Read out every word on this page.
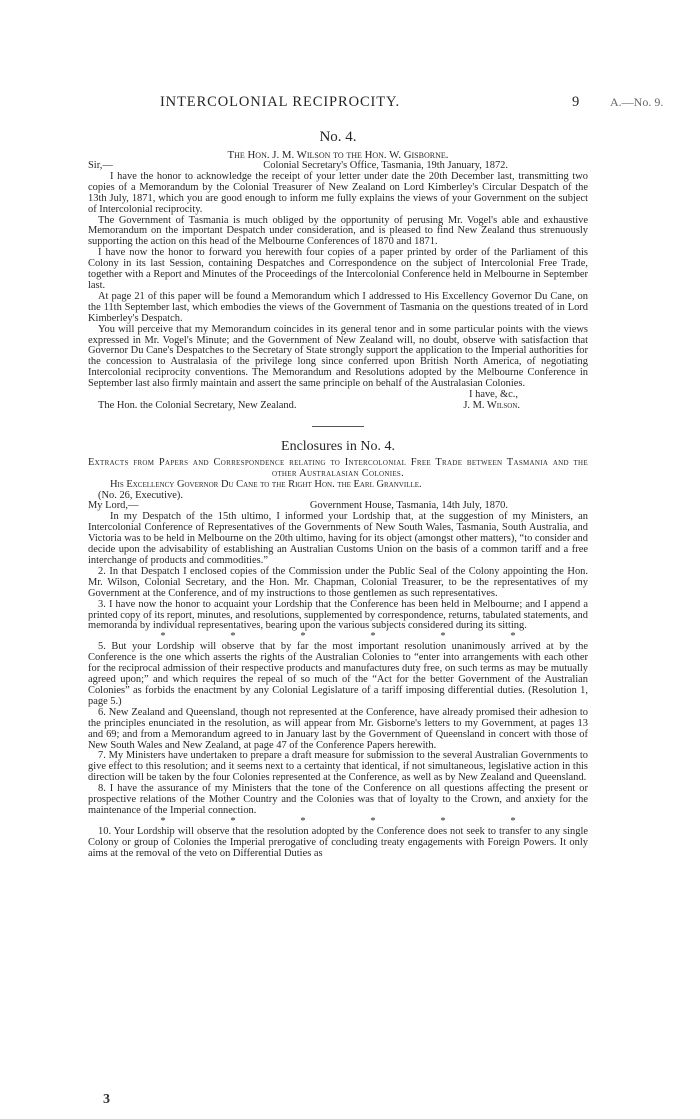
INTERCOLONIAL RECIPROCITY.	9	A.—No. 9.

No. 4.

The Hon. J. M. Wilson to the Hon. W. Gisborne.

Sir,—	Colonial Secretary's Office, Tasmania, 19th January, 1872.

I have the honor to acknowledge the receipt of your letter under date the 20th December last, transmitting two copies of a Memorandum by the Colonial Treasurer of New Zealand on Lord Kimberley's Circular Despatch of the 13th July, 1871, which you are good enough to inform me fully explains the views of your Government on the subject of Intercolonial reciprocity.

The Government of Tasmania is much obliged by the opportunity of perusing Mr. Vogel's able and exhaustive Memorandum on the important Despatch under consideration, and is pleased to find New Zealand thus strenuously supporting the action on this head of the Melbourne Conferences of 1870 and 1871.

I have now the honor to forward you herewith four copies of a paper printed by order of the Parliament of this Colony in its last Session, containing Despatches and Correspondence on the subject of Intercolonial Free Trade, together with a Report and Minutes of the Proceedings of the Intercolonial Conference held in Melbourne in September last.

At page 21 of this paper will be found a Memorandum which I addressed to His Excellency Governor Du Cane, on the 11th September last, which embodies the views of the Government of Tasmania on the questions treated of in Lord Kimberley's Despatch.

You will perceive that my Memorandum coincides in its general tenor and in some particular points with the views expressed in Mr. Vogel's Minute; and the Government of New Zealand will, no doubt, observe with satisfaction that Governor Du Cane's Despatches to the Secretary of State strongly support the application to the Imperial authorities for the concession to Australasia of the privilege long since conferred upon British North America, of negotiating Intercolonial reciprocity conventions. The Memorandum and Resolutions adopted by the Melbourne Conference in September last also firmly maintain and assert the same principle on behalf of the Australasian Colonies.

I have, &c.,

The Hon. the Colonial Secretary, New Zealand.	J. M. Wilson.

Enclosures in No. 4.

Extracts from Papers and Correspondence relating to Intercolonial Free Trade between Tasmania and the other Australasian Colonies.

His Excellency Governor Du Cane to the Right Hon. the Earl Granville.

(No. 26, Executive).

My Lord,—	Government House, Tasmania, 14th July, 1870.

In my Despatch of the 15th ultimo, I informed your Lordship that, at the suggestion of my Ministers, an Intercolonial Conference of Representatives of the Governments of New South Wales, Tasmania, South Australia, and Victoria was to be held in Melbourne on the 20th ultimo, having for its object (amongst other matters), “to consider and decide upon the advisability of establishing an Australian Customs Union on the basis of a common tariff and a free interchange of products and commodities.”

2. In that Despatch I enclosed copies of the Commission under the Public Seal of the Colony appointing the Hon. Mr. Wilson, Colonial Secretary, and the Hon. Mr. Chapman, Colonial Treasurer, to be the representatives of my Government at the Conference, and of my instructions to those gentlemen as such representatives.

3. I have now the honor to acquaint your Lordship that the Conference has been held in Melbourne; and I append a printed copy of its report, minutes, and resolutions, supplemented by correspondence, returns, tabulated statements, and memoranda by individual representatives, bearing upon the various subjects considered during its sitting.

*	*	*	*	*	*

5. But your Lordship will observe that by far the most important resolution unanimously arrived at by the Conference is the one which asserts the rights of the Australian Colonies to “enter into arrangements with each other for the reciprocal admission of their respective products and manufactures duty free, on such terms as may be mutually agreed upon;” and which requires the repeal of so much of the “Act for the better Government of the Australian Colonies” as forbids the enactment by any Colonial Legislature of a tariff imposing differential duties. (Resolution 1, page 5.)

6. New Zealand and Queensland, though not represented at the Conference, have already promised their adhesion to the principles enunciated in the resolution, as will appear from Mr. Gisborne's letters to my Government, at pages 13 and 69; and from a Memorandum agreed to in January last by the Government of Queensland in concert with those of New South Wales and New Zealand, at page 47 of the Conference Papers herewith.

7. My Ministers have undertaken to prepare a draft measure for submission to the several Australian Governments to give effect to this resolution; and it seems next to a certainty that identical, if not simultaneous, legislative action in this direction will be taken by the four Colonies represented at the Conference, as well as by New Zealand and Queensland.

8. I have the assurance of my Ministers that the tone of the Conference on all questions affecting the present or prospective relations of the Mother Country and the Colonies was that of loyalty to the Crown, and anxiety for the maintenance of the Imperial connection.

*	*	*	*	*	*

10. Your Lordship will observe that the resolution adopted by the Conference does not seek to transfer to any single Colony or group of Colonies the Imperial prerogative of concluding treaty engagements with Foreign Powers. It only aims at the removal of the veto on Differential Duties as

3
